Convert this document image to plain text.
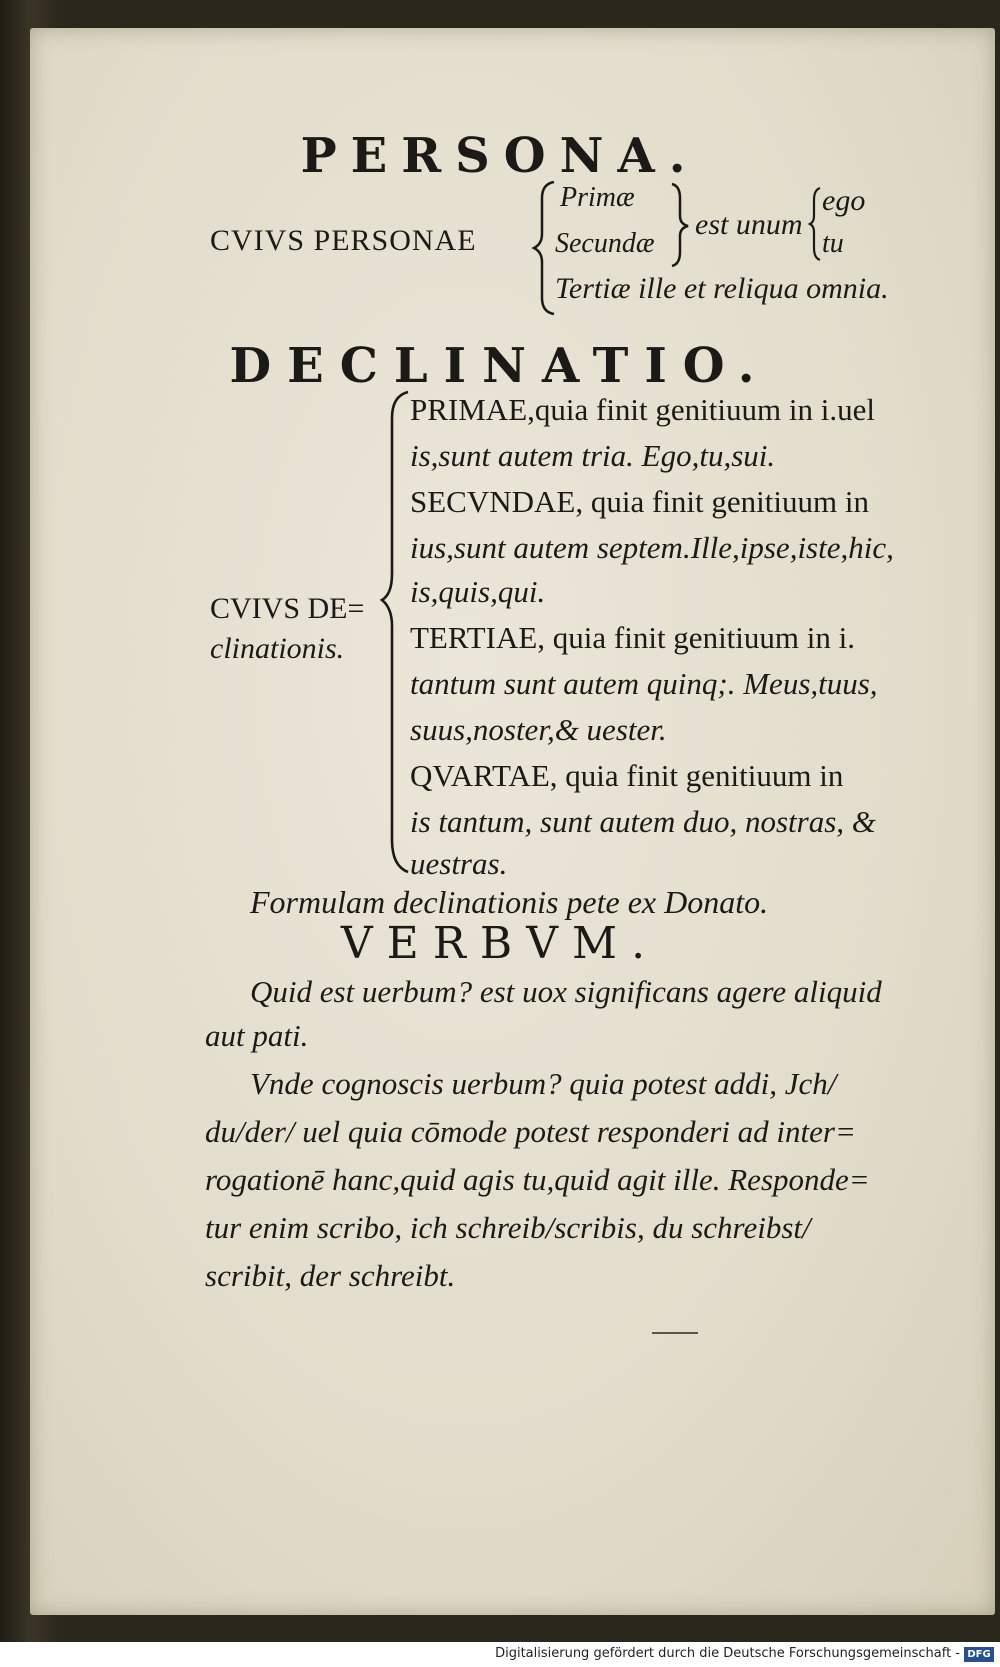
PERSONA.
CVIVS PERSONAE
Primæ
Secundæ
est unum
ego
tu
Tertiæ ille et reliqua omnia.
DECLINATIO.
CVIVS DE=
clinationis.
PRIMAE,quia finit genitiuum in i.uel
is,sunt autem tria. Ego,tu,sui.
SECVNDAE, quia finit genitiuum in
ius,sunt autem septem.Ille,ipse,iste,hic,
is,quis,qui.
TERTIAE, quia finit genitiuum in i.
tantum sunt autem quinq;. Meus,tuus,
suus,noster,& uester.
QVARTAE, quia finit genitiuum in
is tantum, sunt autem duo, nostras, &
uestras.
Formulam declinationis pete ex Donato.
VERBVM.
Quid est uerbum? est uox significans agere aliquid
aut pati.
Vnde cognoscis uerbum? quia potest addi, Jch/
du/der/ uel quia cōmode potest responderi ad inter=
rogationē hanc,quid agis tu,quid agit ille. Responde=
tur enim scribo, ich schreib/scribis, du schreibst/
scribit, der schreibt.
Digitalisierung gefördert durch die Deutsche Forschungsgemeinschaft - DFG
